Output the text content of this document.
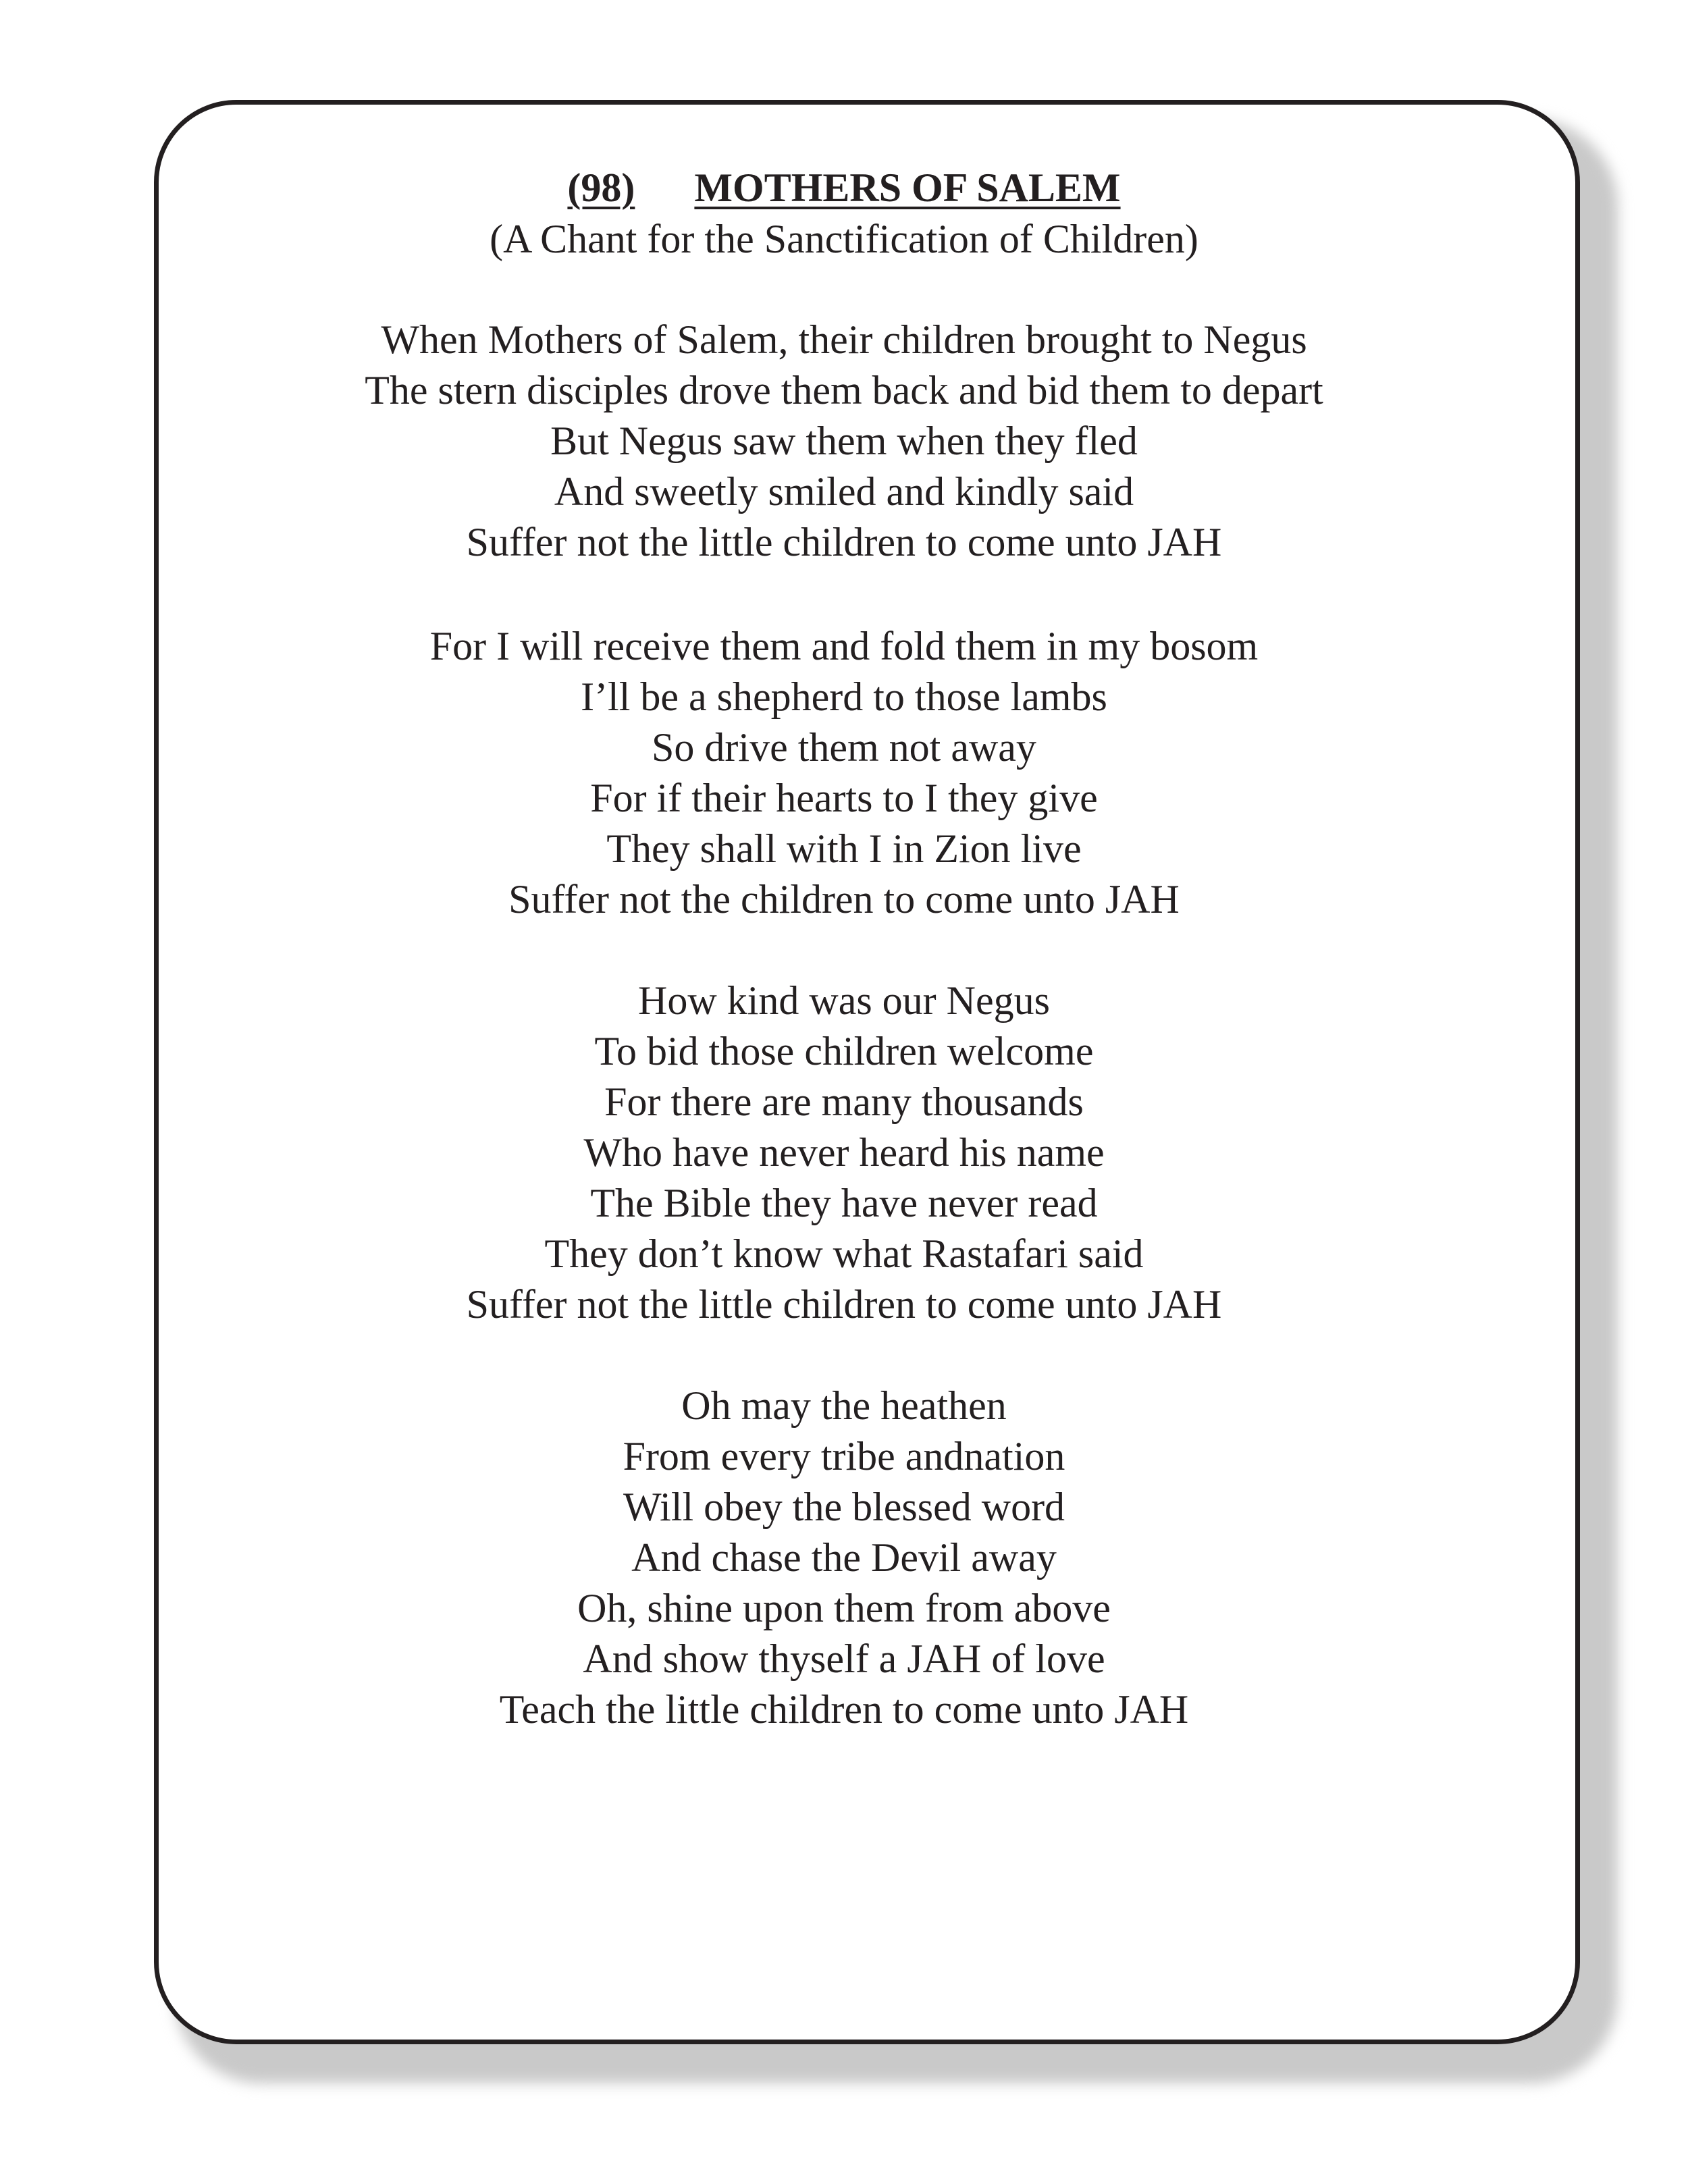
(98) MOTHERS OF SALEM
(A Chant for the Sanctification of Children)
When Mothers of Salem, their children brought to Negus
The stern disciples drove them back and bid them to depart
But Negus saw them when they fled
And sweetly smiled and kindly said
Suffer not the little children to come unto JAH
For I will receive them and fold them in my bosom
I’ll be a shepherd to those lambs
So drive them not away
For if their hearts to I they give
They shall with I in Zion live
Suffer not the children to come unto JAH
How kind was our Negus
To bid those children welcome
For there are many thousands
Who have never heard his name
The Bible they have never read
They don’t know what Rastafari said
Suffer not the little children to come unto JAH
Oh may the heathen
From every tribe andnation
Will obey the blessed word
And chase the Devil away
Oh, shine upon them from above
And show thyself a JAH of love
Teach the little children to come unto JAH
